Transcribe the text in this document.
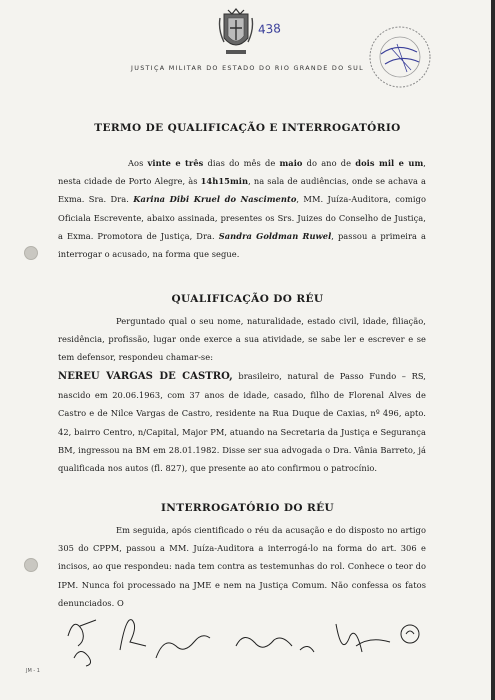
438
JUSTIÇA MILITAR DO ESTADO DO RIO GRANDE DO SUL
TERMO DE QUALIFICAÇÃO E INTERROGATÓRIO
Aos vinte e três dias do mês de maio do ano de dois mil e um, nesta cidade de Porto Alegre, às 14h15min, na sala de audiências, onde se achava a Exma. Sra. Dra. Karina Dibi Kruel do Nascimento, MM. Juíza-Auditora, comigo Oficiala Escrevente, abaixo assinada, presentes os Srs. Juizes do Conselho de Justiça, a Exma. Promotora de Justiça, Dra. Sandra Goldman Ruwel, passou a primeira a interrogar o acusado, na forma que segue.
QUALIFICAÇÃO DO RÉU
Perguntado qual o seu nome, naturalidade, estado civil, idade, filiação, residência, profissão, lugar onde exerce a sua atividade, se sabe ler e escrever e se tem defensor, respondeu chamar-se:
NEREU VARGAS DE CASTRO, brasileiro, natural de Passo Fundo – RS, nascido em 20.06.1963, com 37 anos de idade, casado, filho de Florenal Alves de Castro e de Nilce Vargas de Castro, residente na Rua Duque de Caxias, nº 496, apto. 42, bairro Centro, n/Capital, Major PM, atuando na Secretaria da Justiça e Segurança BM, ingressou na BM em 28.01.1982. Disse ser sua advogada o Dra. Vânia Barreto, já qualificada nos autos (fl. 827), que presente ao ato confirmou o patrocínio.
INTERROGATÓRIO DO RÉU
Em seguida, após cientificado o réu da acusação e do disposto no artigo 305 do CPPM, passou a MM. Juíza-Auditora a interrogá-lo na forma do art. 306 e incisos, ao que respondeu: nada tem contra as testemunhas do rol. Conhece o teor do IPM. Nunca foi processado na JME e nem na Justiça Comum. Não confessa os fatos denunciados. O
JM - 1
